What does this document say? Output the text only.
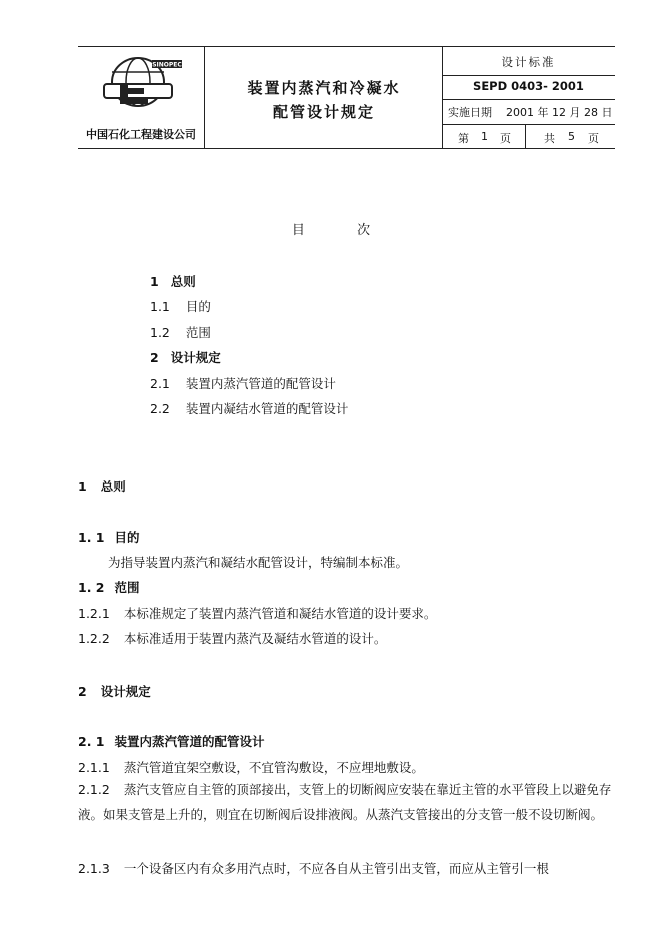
SINOPEC
中国石化工程建设公司
装置内蒸汽和冷凝水
配管设计规定
设计标准
SEPD 0403- 2001
实施日期 2001 年 12 月 28 日
第 1 页	共 5 页
目	次
1 总则
1.1 目的
1.2 范围
2 设计规定
2.1 装置内蒸汽管道的配管设计
2.2 装置内凝结水管道的配管设计
1 总则
1. 1 目的
为指导装置内蒸汽和凝结水配管设计，特编制本标准。
1. 2 范围
1.2.1 本标准规定了装置内蒸汽管道和凝结水管道的设计要求。
1.2.2 本标准适用于装置内蒸汽及凝结水管道的设计。
2 设计规定
2. 1 装置内蒸汽管道的配管设计
2.1.1 蒸汽管道宜架空敷设，不宜管沟敷设，不应埋地敷设。
2.1.2 蒸汽支管应自主管的顶部接出，支管上的切断阀应安装在靠近主管的水平管段上以避免存液。如果支管是上升的，则宜在切断阀后设排液阀。从蒸汽支管接出的分支管一般不设切断阀。
2.1.3 一个设备区内有众多用汽点时，不应各自从主管引出支管，而应从主管引一根
